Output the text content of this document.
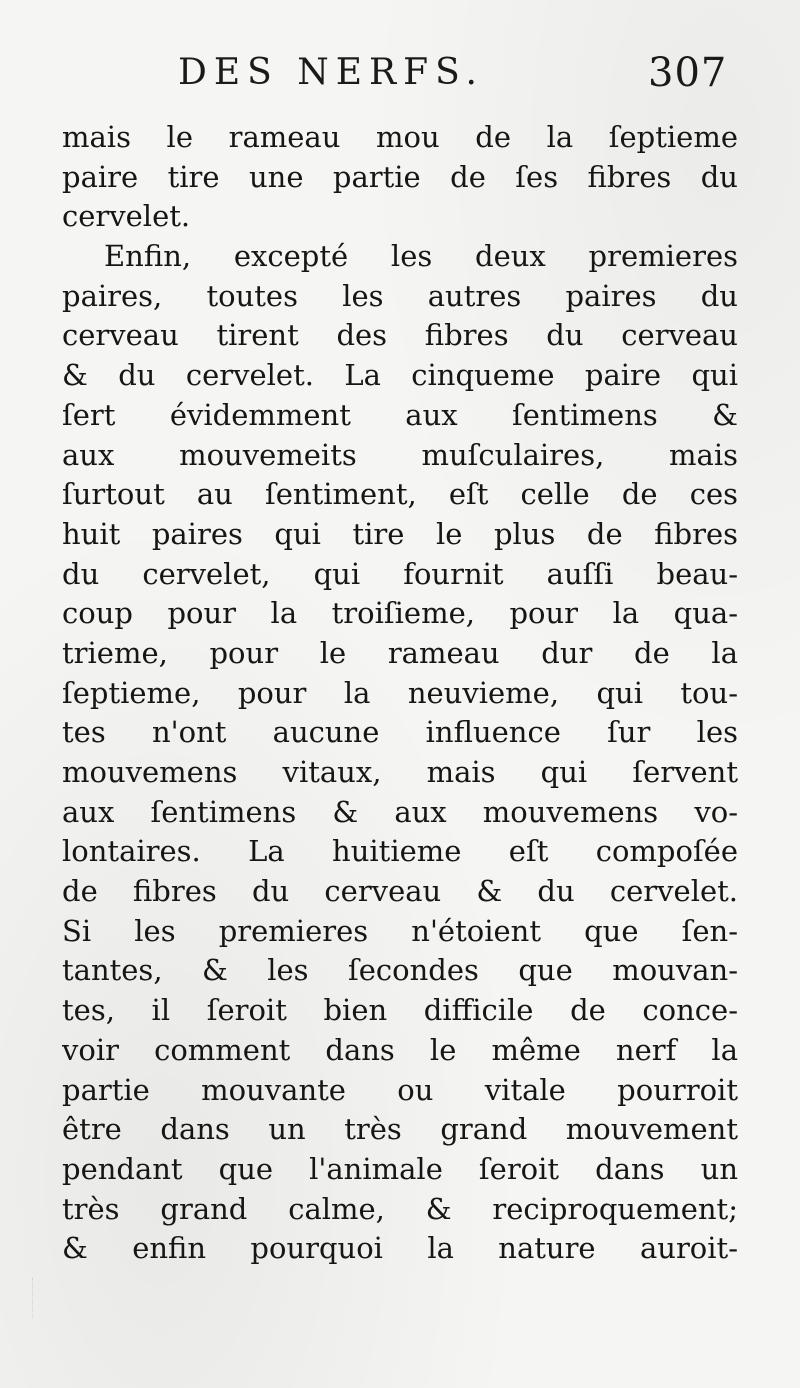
DES NERFS.	307
mais le rameau mou de la ſeptieme
paire tire une partie de ſes fibres du
cervelet.
Enfin, excepté les deux premieres
paires, toutes les autres paires du
cerveau tirent des fibres du cerveau
& du cervelet. La cinqueme paire qui
ſert évidemment aux ſentimens &
aux mouvemeits muſculaires, mais
ſurtout au ſentiment, eſt celle de ces
huit paires qui tire le plus de fibres
du cervelet, qui fournit auſſi beau-
coup pour la troiſieme, pour la qua-
trieme, pour le rameau dur de la
ſeptieme, pour la neuvieme, qui tou-
tes n'ont aucune influence ſur les
mouvemens vitaux, mais qui ſervent
aux ſentimens & aux mouvemens vo-
lontaires. La huitieme eſt compoſée
de fibres du cerveau & du cervelet.
Si les premieres n'étoient que ſen-
tantes, & les ſecondes que mouvan-
tes, il ſeroit bien difficile de conce-
voir comment dans le même nerf la
partie mouvante ou vitale pourroit
être dans un très grand mouvement
pendant que l'animale ſeroit dans un
très grand calme, & reciproquement;
& enfin pourquoi la nature auroit-
